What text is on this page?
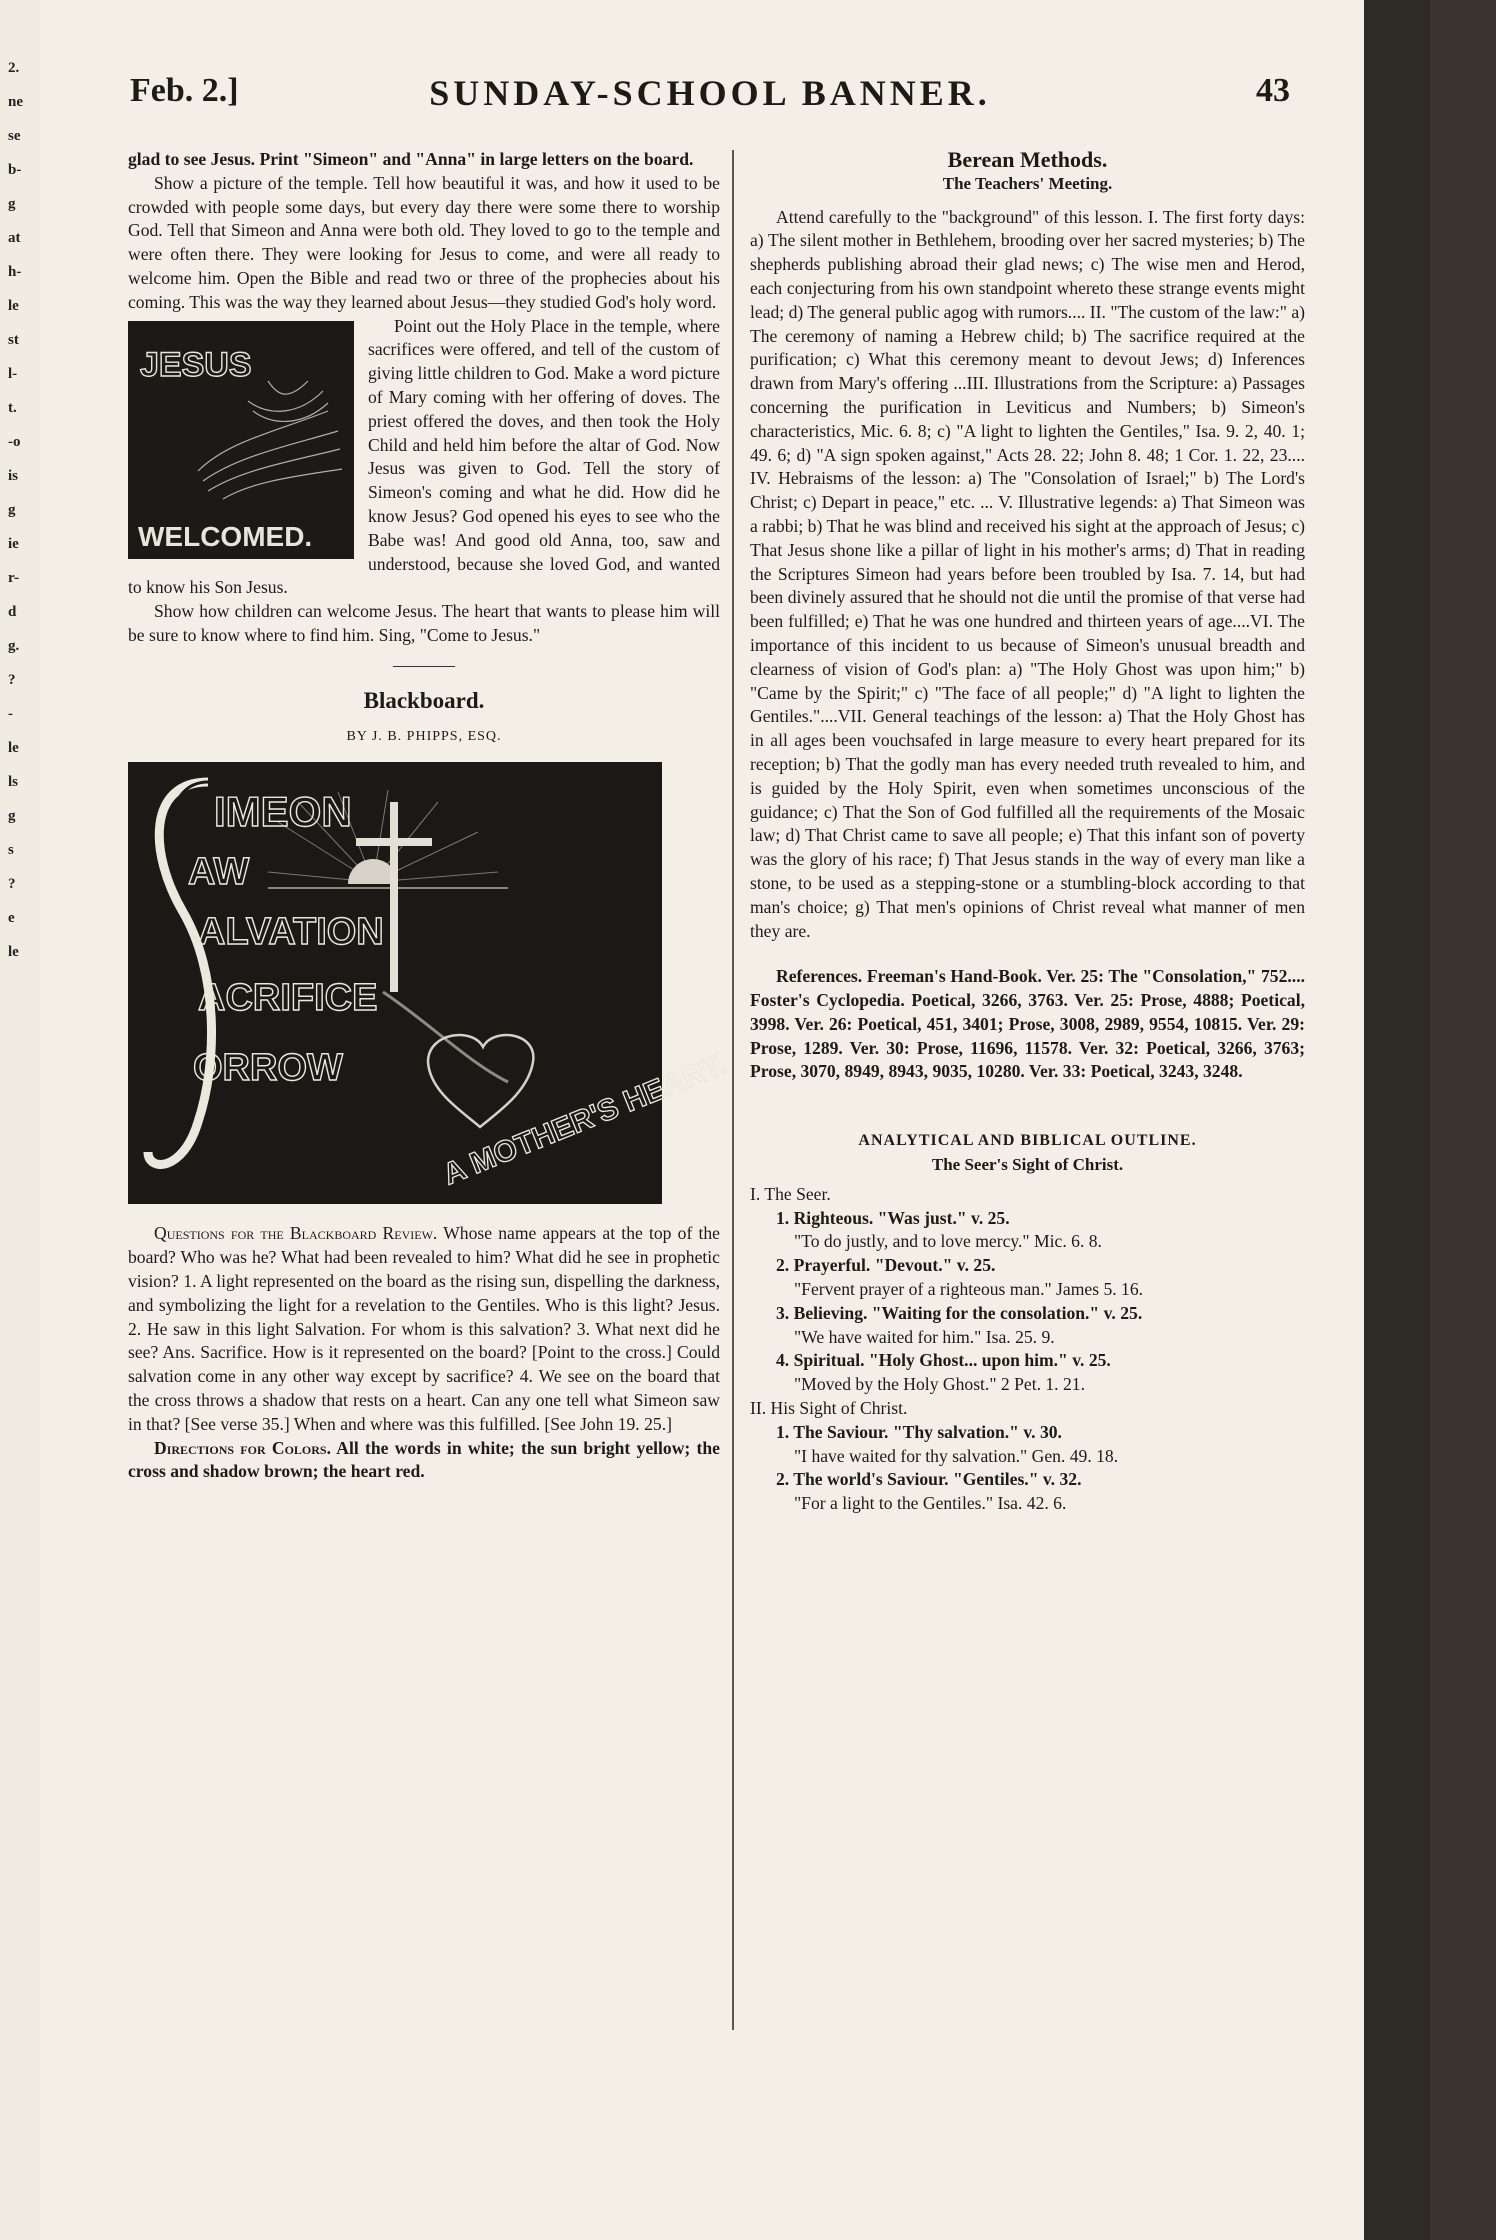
Feb. 2.]	SUNDAY-SCHOOL BANNER.	43

glad to see Jesus. Print "Simeon" and "Anna" in large letters on the board.

Show a picture of the temple. Tell how beautiful it was, and how it used to be crowded with people some days, but every day there were some there to worship God. Tell that Simeon and Anna were both old. They loved to go to the temple and were often there. They were looking for Jesus to come, and were all ready to welcome him. Open the Bible and read two or three of the prophecies about his coming. This was the way they learned about Jesus—they studied God's holy word.

JESUS
WELCOMED.
Point out the Holy Place in the temple, where sacrifices were offered, and tell of the custom of giving little children to God. Make a word picture of Mary coming with her offering of doves. The priest offered the doves, and then took the Holy Child and held him before the altar of God. Now Jesus was given to God. Tell the story of Simeon's coming and what he did. How did he know Jesus? God opened his eyes to see who the Babe was! And good old Anna, too, saw and understood, because she loved God, and wanted to know his Son Jesus.

Show how children can welcome Jesus. The heart that wants to please him will be sure to know where to find him. Sing, "Come to Jesus."

Blackboard.
BY J. B. PHIPPS, ESQ.
IMEON
AW
ALVATION
ACRIFICE
ORROW	A MOTHER'S HEART.

Questions for the Blackboard Review. Whose name appears at the top of the board? Who was he? What had been revealed to him? What did he see in prophetic vision? 1. A light represented on the board as the rising sun, dispelling the darkness, and symbolizing the light for a revelation to the Gentiles. Who is this light? Jesus. 2. He saw in this light Salvation. For whom is this salvation? 3. What next did he see? Ans. Sacrifice. How is it represented on the board? [Point to the cross.] Could salvation come in any other way except by sacrifice? 4. We see on the board that the cross throws a shadow that rests on a heart. Can any one tell what Simeon saw in that? [See verse 35.] When and where was this fulfilled. [See John 19. 25.]

Directions for Colors. All the words in white; the sun bright yellow; the cross and shadow brown; the heart red.

Berean Methods.
The Teachers' Meeting.

Attend carefully to the "background" of this lesson. I. The first forty days: a) The silent mother in Bethlehem, brooding over her sacred mysteries; b) The shepherds publishing abroad their glad news; c) The wise men and Herod, each conjecturing from his own standpoint whereto these strange events might lead; d) The general public agog with rumors.... II. "The custom of the law:" a) The ceremony of naming a Hebrew child; b) The sacrifice required at the purification; c) What this ceremony meant to devout Jews; d) Inferences drawn from Mary's offering ...III. Illustrations from the Scripture: a) Passages concerning the purification in Leviticus and Numbers; b) Simeon's characteristics, Mic. 6. 8; c) "A light to lighten the Gentiles," Isa. 9. 2, 40. 1; 49. 6; d) "A sign spoken against," Acts 28. 22; John 8. 48; 1 Cor. 1. 22, 23.... IV. Hebraisms of the lesson: a) The "Consolation of Israel;" b) The Lord's Christ; c) Depart in peace," etc. ... V. Illustrative legends: a) That Simeon was a rabbi; b) That he was blind and received his sight at the approach of Jesus; c) That Jesus shone like a pillar of light in his mother's arms; d) That in reading the Scriptures Simeon had years before been troubled by Isa. 7. 14, but had been divinely assured that he should not die until the promise of that verse had been fulfilled; e) That he was one hundred and thirteen years of age....VI. The importance of this incident to us because of Simeon's unusual breadth and clearness of vision of God's plan: a) "The Holy Ghost was upon him;" b) "Came by the Spirit;" c) "The face of all people;" d) "A light to lighten the Gentiles."....VII. General teachings of the lesson: a) That the Holy Ghost has in all ages been vouchsafed in large measure to every heart prepared for its reception; b) That the godly man has every needed truth revealed to him, and is guided by the Holy Spirit, even when sometimes unconscious of the guidance; c) That the Son of God fulfilled all the requirements of the Mosaic law; d) That Christ came to save all people; e) That this infant son of poverty was the glory of his race; f) That Jesus stands in the way of every man like a stone, to be used as a stepping-stone or a stumbling-block according to that man's choice; g) That men's opinions of Christ reveal what manner of men they are.

References. Freeman's Hand-Book. Ver. 25: The "Consolation," 752.... Foster's Cyclopedia. Poetical, 3266, 3763. Ver. 25: Prose, 4888; Poetical, 3998. Ver. 26: Poetical, 451, 3401; Prose, 3008, 2989, 9554, 10815. Ver. 29: Prose, 1289. Ver. 30: Prose, 11696, 11578. Ver. 32: Poetical, 3266, 3763; Prose, 3070, 8949, 8943, 9035, 10280. Ver. 33: Poetical, 3243, 3248.

ANALYTICAL AND BIBLICAL OUTLINE.
The Seer's Sight of Christ.
I. The Seer.
1. Righteous. "Was just." v. 25.
"To do justly, and to love mercy." Mic. 6. 8.
2. Prayerful. "Devout." v. 25.
"Fervent prayer of a righteous man." James 5. 16.
3. Believing. "Waiting for the consolation." v. 25.
"We have waited for him." Isa. 25. 9.
4. Spiritual. "Holy Ghost... upon him." v. 25.
"Moved by the Holy Ghost." 2 Pet. 1. 21.
II. His Sight of Christ.
1. The Saviour. "Thy salvation." v. 30.
"I have waited for thy salvation." Gen. 49. 18.
2. The world's Saviour. "Gentiles." v. 32.
"For a light to the Gentiles." Isa. 42. 6.
2.
ne
se
b-
g
at
h-
le
st
l-
t.
-o
is
g
ie
r-
d
g.
?
-
le
ls
g
s
?
e
le
